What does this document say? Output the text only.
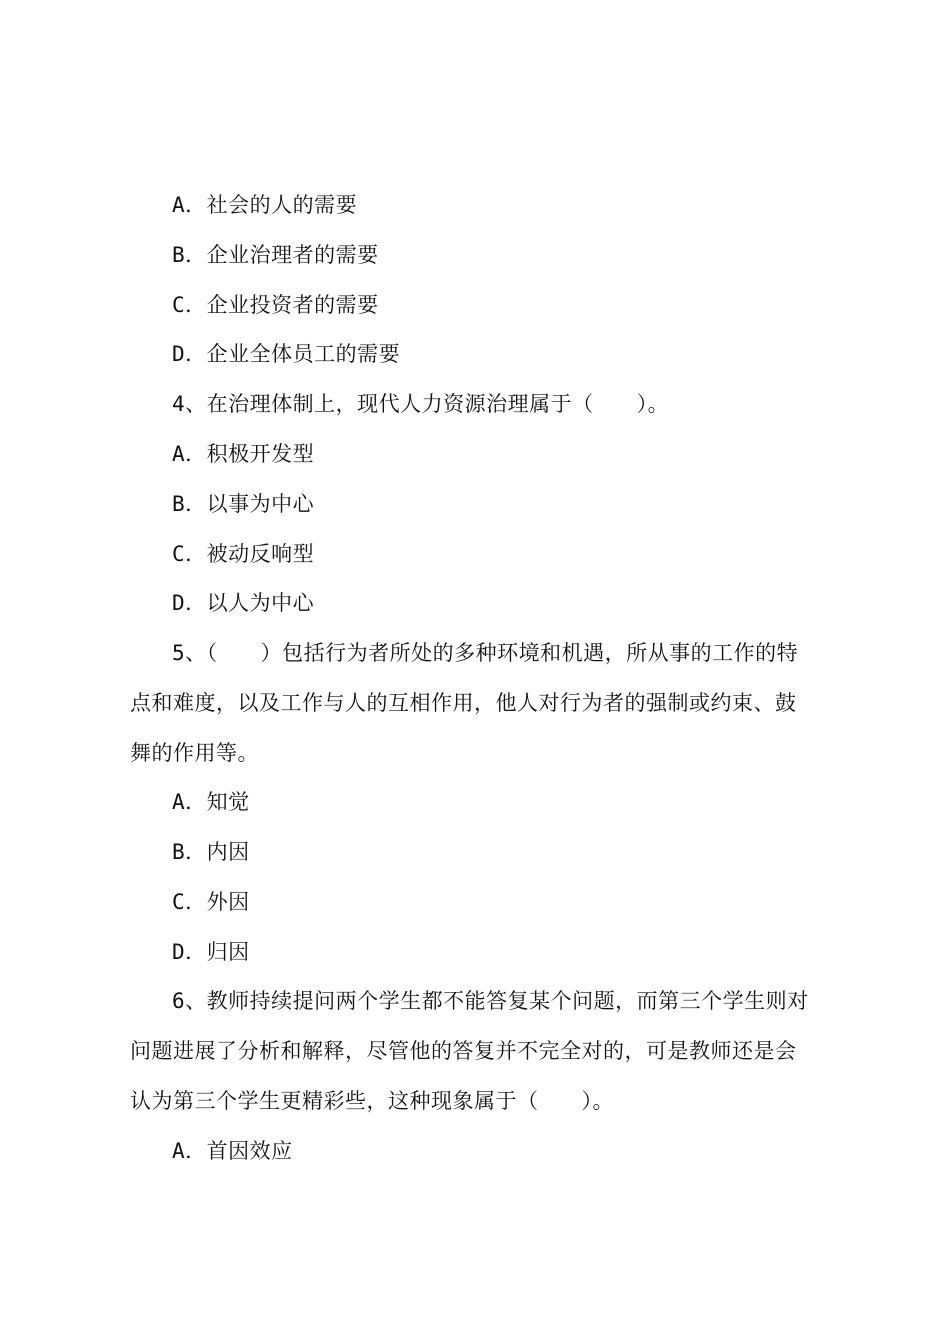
A．社会的人的需要
B．企业治理者的需要
C．企业投资者的需要
D．企业全体员工的需要
4、在治理体制上，现代人力资源治理属于（　　）。
A．积极开发型
B．以事为中心
C．被动反响型
D．以人为中心
5、（　　）包括行为者所处的多种环境和机遇，所从事的工作的特
点和难度，以及工作与人的互相作用，他人对行为者的强制或约束、鼓
舞的作用等。
A．知觉
B．内因
C．外因
D．归因
6、教师持续提问两个学生都不能答复某个问题，而第三个学生则对
问题进展了分析和解释，尽管他的答复并不完全对的，可是教师还是会
认为第三个学生更精彩些，这种现象属于（　　）。
A．首因效应
